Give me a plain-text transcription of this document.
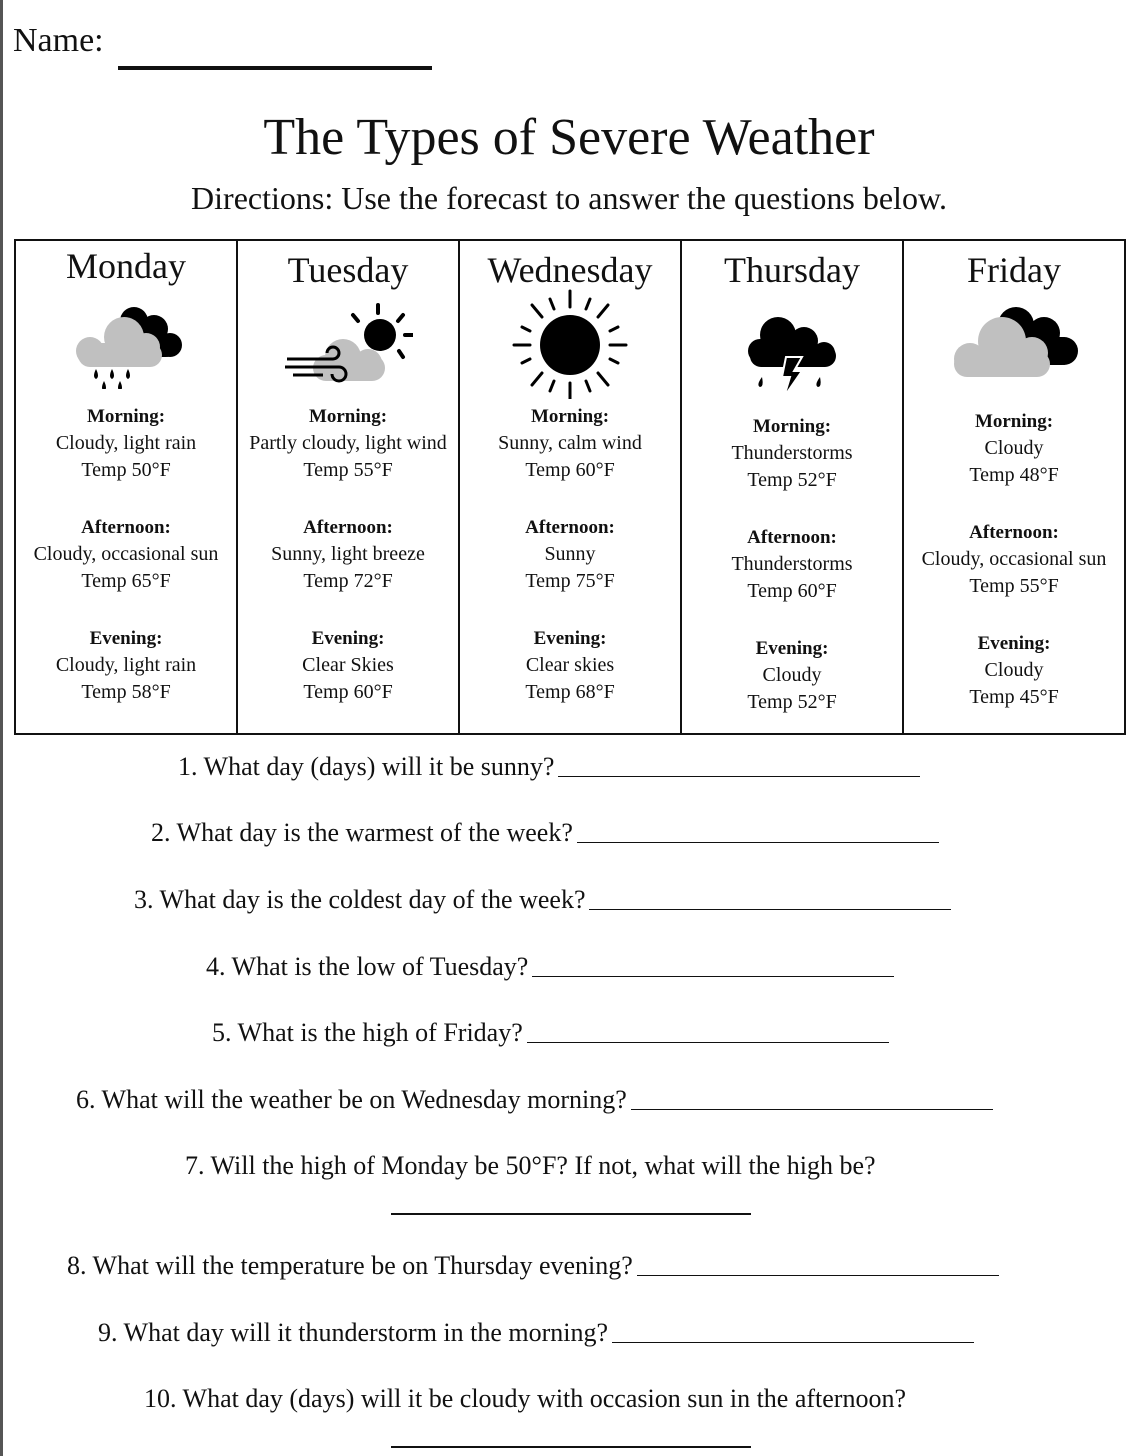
Name:
The Types of Severe Weather
Directions: Use the forecast to answer the questions below.
Monday
Morning:
Cloudy, light rain
Temp 50°F
Afternoon:
Cloudy, occasional sun
Temp 65°F
Evening:
Cloudy, light rain
Temp 58°F
Tuesday
Morning:
Partly cloudy, light wind
Temp 55°F
Afternoon:
Sunny, light breeze
Temp 72°F
Evening:
Clear Skies
Temp 60°F
Wednesday
Morning:
Sunny, calm wind
Temp 60°F
Afternoon:
Sunny
Temp 75°F
Evening:
Clear skies
Temp 68°F
Thursday
Morning:
Thunderstorms
Temp 52°F
Afternoon:
Thunderstorms
Temp 60°F
Evening:
Cloudy
Temp 52°F
Friday
Morning:
Cloudy
Temp 48°F
Afternoon:
Cloudy, occasional sun
Temp 55°F
Evening:
Cloudy
Temp 45°F
1. What day (days) will it be sunny?
2. What day is the warmest of the week?
3. What day is the coldest day of the week?
4. What is the low of Tuesday?
5. What is the high of Friday?
6. What will the weather be on Wednesday morning?
7. Will the high of Monday be 50°F? If not, what will the high be?
8. What will the temperature be on Thursday evening?
9. What day will it thunderstorm in the morning?
10. What day (days) will it be cloudy with occasion sun in the afternoon?
